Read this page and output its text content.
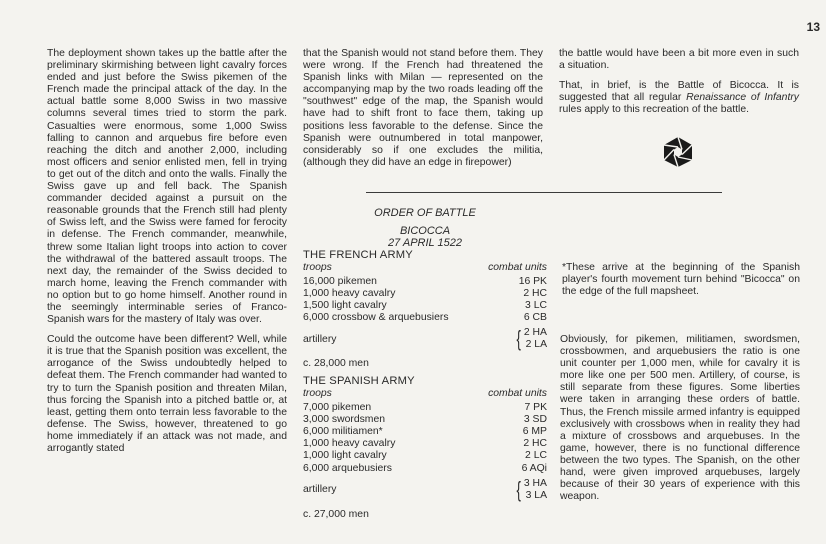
13

The deployment shown takes up the battle after the preliminary skirmishing between light cavalry forces ended and just before the Swiss pikemen of the French made the principal attack of the day. In the actual battle some 8,000 Swiss in two massive columns several times tried to storm the park. Casualties were enormous, some 1,000 Swiss falling to cannon and arquebus fire before even reaching the ditch and another 2,000, including most officers and senior enlisted men, fell in trying to get out of the ditch and onto the walls. Finally the Swiss gave up and fell back. The Spanish commander decided against a pursuit on the reasonable grounds that the French still had plenty of Swiss left, and the Swiss were famed for ferocity in defense. The French commander, meanwhile, threw some Italian light troops into action to cover the withdrawal of the battered assault troops. The next day, the remainder of the Swiss decided to march home, leaving the French commander with no option but to go home himself. Another round in the seemingly interminable series of Franco-Spanish wars for the mastery of Italy was over.

Could the outcome have been different? Well, while it is true that the Spanish position was excellent, the arrogance of the Swiss undoubtedly helped to defeat them. The French commander had wanted to try to turn the Spanish position and threaten Milan, thus forcing the Spanish into a pitched battle or, at least, getting them onto terrain less favorable to the defense. The Swiss, however, threatened to go home immediately if an attack was not made, and arrogantly stated

that the Spanish would not stand before them. They were wrong. If the French had threatened the Spanish links with Milan — represented on the accompanying map by the two roads leading off the "southwest" edge of the map, the Spanish would have had to shift front to face them, taking up positions less favorable to the defense. Since the Spanish were outnumbered in total manpower, considerably so if one excludes the militia, (although they did have an edge in firepower)

the battle would have been a bit more even in such a situation.

That, in brief, is the Battle of Bicocca. It is suggested that all regular Renaissance of Infantry rules apply to this recreation of the battle.

ORDER OF BATTLE
BICOCCA
27 APRIL 1522
THE FRENCH ARMY
troops	combat units
16,000 pikemen	16 PK
1,000 heavy cavalry	2 HC
1,500 light cavalry	3 LC
6,000 crossbow & arquebusiers	6 CB
artillery	{ 2 HA
2 LA
c. 28,000 men
THE SPANISH ARMY
troops	combat units
7,000 pikemen	7 PK
3,000 swordsmen	3 SD
6,000 militiamen*	6 MP
1,000 heavy cavalry	2 HC
1,000 light cavalry	2 LC
6,000 arquebusiers	6 AQi
artillery	{ 3 HA
3 LA
c. 27,000 men
*These arrive at the beginning of the Spanish player's fourth movement turn behind "Bicocca" on the edge of the full mapsheet.

Obviously, for pikemen, militiamen, swordsmen, crossbowmen, and arquebusiers the ratio is one unit counter per 1,000 men, while for cavalry it is more like one per 500 men. Artillery, of course, is still separate from these figures. Some liberties were taken in arranging these orders of battle. Thus, the French missile armed infantry is equipped exclusively with crossbows when in reality they had a mixture of crossbows and arquebuses. In the game, however, there is no functional difference between the two types. The Spanish, on the other hand, were given improved arquebuses, largely because of their 30 years of experience with this weapon.
